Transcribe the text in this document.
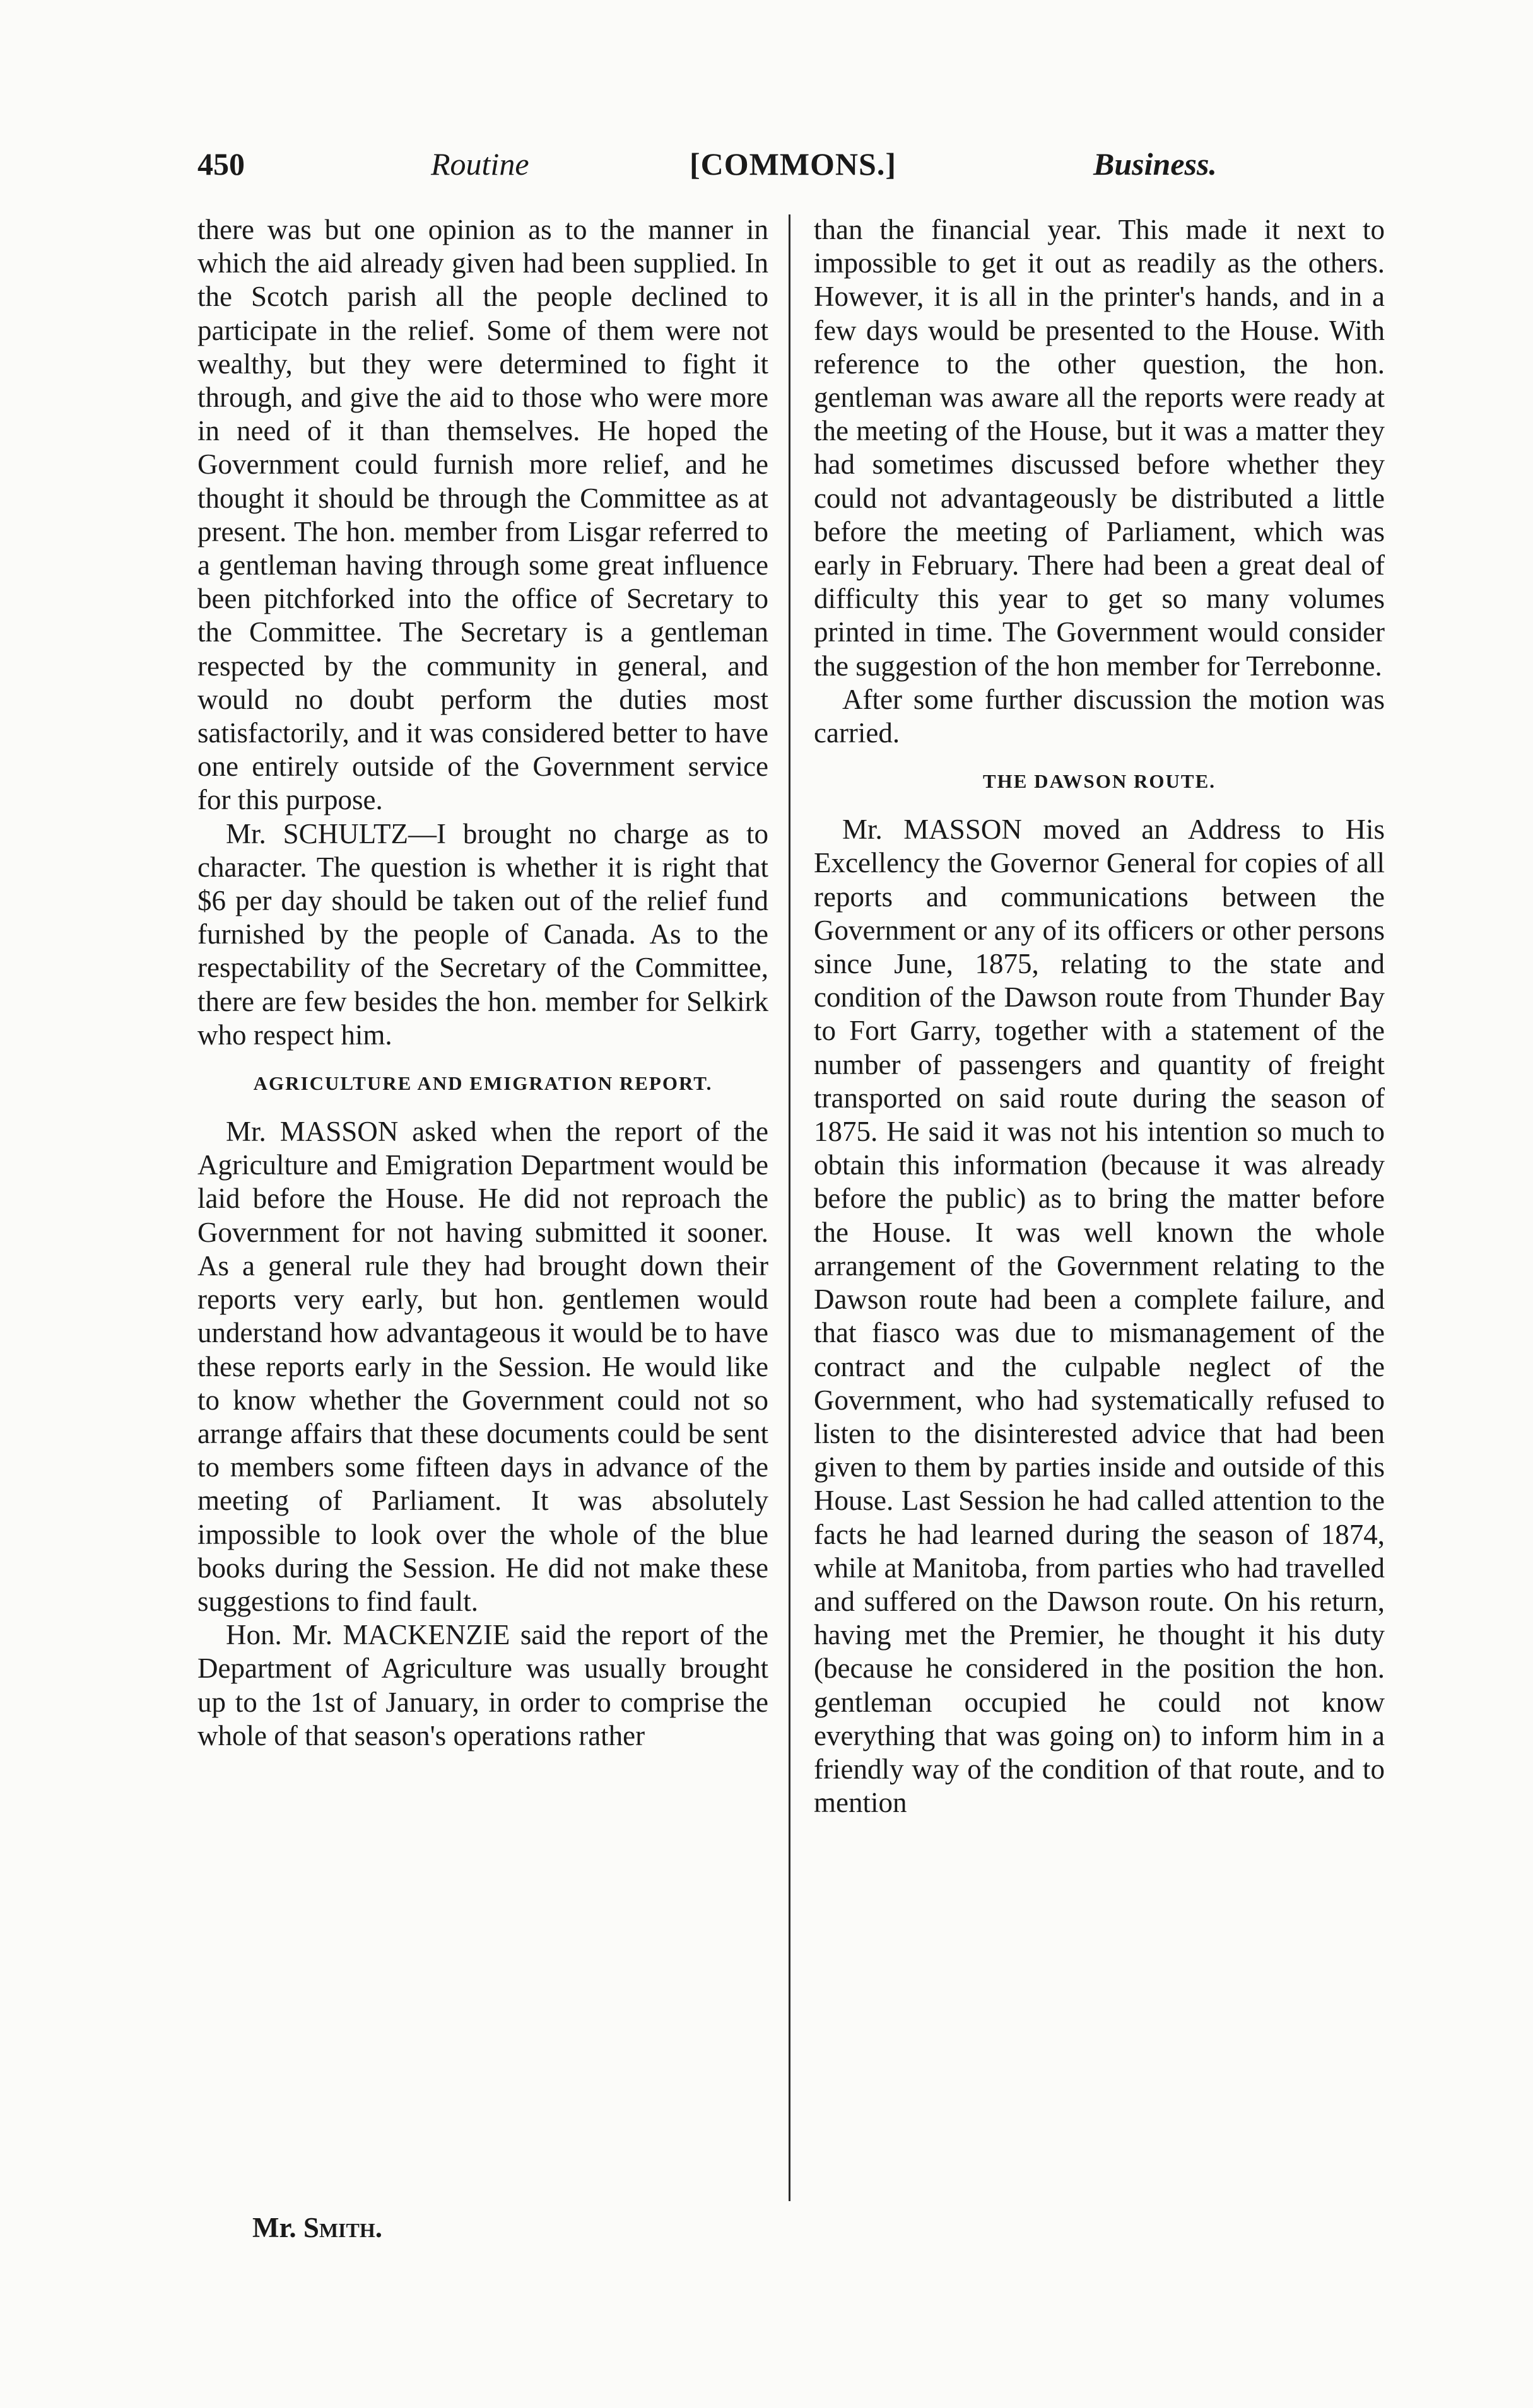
450	Routine	[COMMONS.]	Business.

there was but one opinion as to the manner in which the aid already given had been supplied. In the Scotch parish all the people declined to participate in the relief. Some of them were not wealthy, but they were determined to fight it through, and give the aid to those who were more in need of it than themselves. He hoped the Government could furnish more relief, and he thought it should be through the Committee as at present. The hon. member from Lisgar referred to a gentleman having through some great influence been pitchforked into the office of Secretary to the Committee. The Secretary is a gentleman respected by the community in general, and would no doubt perform the duties most satisfactorily, and it was considered better to have one entirely outside of the Government service for this purpose.

Mr. SCHULTZ—I brought no charge as to character. The question is whether it is right that $6 per day should be taken out of the relief fund furnished by the people of Canada. As to the respectability of the Secretary of the Committee, there are few besides the hon. member for Selkirk who respect him.

AGRICULTURE AND EMIGRATION REPORT.

Mr. MASSON asked when the report of the Agriculture and Emigration Department would be laid before the House. He did not reproach the Government for not having submitted it sooner. As a general rule they had brought down their reports very early, but hon. gentlemen would understand how advantageous it would be to have these reports early in the Session. He would like to know whether the Government could not so arrange affairs that these documents could be sent to members some fifteen days in advance of the meeting of Parliament. It was absolutely impossible to look over the whole of the blue books during the Session. He did not make these suggestions to find fault.

Hon. Mr. MACKENZIE said the report of the Department of Agriculture was usually brought up to the 1st of January, in order to comprise the whole of that season's operations rather

than the financial year. This made it next to impossible to get it out as readily as the others. However, it is all in the printer's hands, and in a few days would be presented to the House. With reference to the other question, the hon. gentleman was aware all the reports were ready at the meeting of the House, but it was a matter they had sometimes discussed before whether they could not advantageously be distributed a little before the meeting of Parliament, which was early in February. There had been a great deal of difficulty this year to get so many volumes printed in time. The Government would consider the suggestion of the hon member for Terrebonne.

After some further discussion the motion was carried.

THE DAWSON ROUTE.

Mr. MASSON moved an Address to His Excellency the Governor General for copies of all reports and communications between the Government or any of its officers or other persons since June, 1875, relating to the state and condition of the Dawson route from Thunder Bay to Fort Garry, together with a statement of the number of passengers and quantity of freight transported on said route during the season of 1875. He said it was not his intention so much to obtain this information (because it was already before the public) as to bring the matter before the House. It was well known the whole arrangement of the Government relating to the Dawson route had been a complete failure, and that fiasco was due to mismanagement of the contract and the culpable neglect of the Government, who had systematically refused to listen to the disinterested advice that had been given to them by parties inside and outside of this House. Last Session he had called attention to the facts he had learned during the season of 1874, while at Manitoba, from parties who had travelled and suffered on the Dawson route. On his return, having met the Premier, he thought it his duty (because he considered in the position the hon. gentleman occupied he could not know everything that was going on) to inform him in a friendly way of the condition of that route, and to mention

Mr. Smith.
